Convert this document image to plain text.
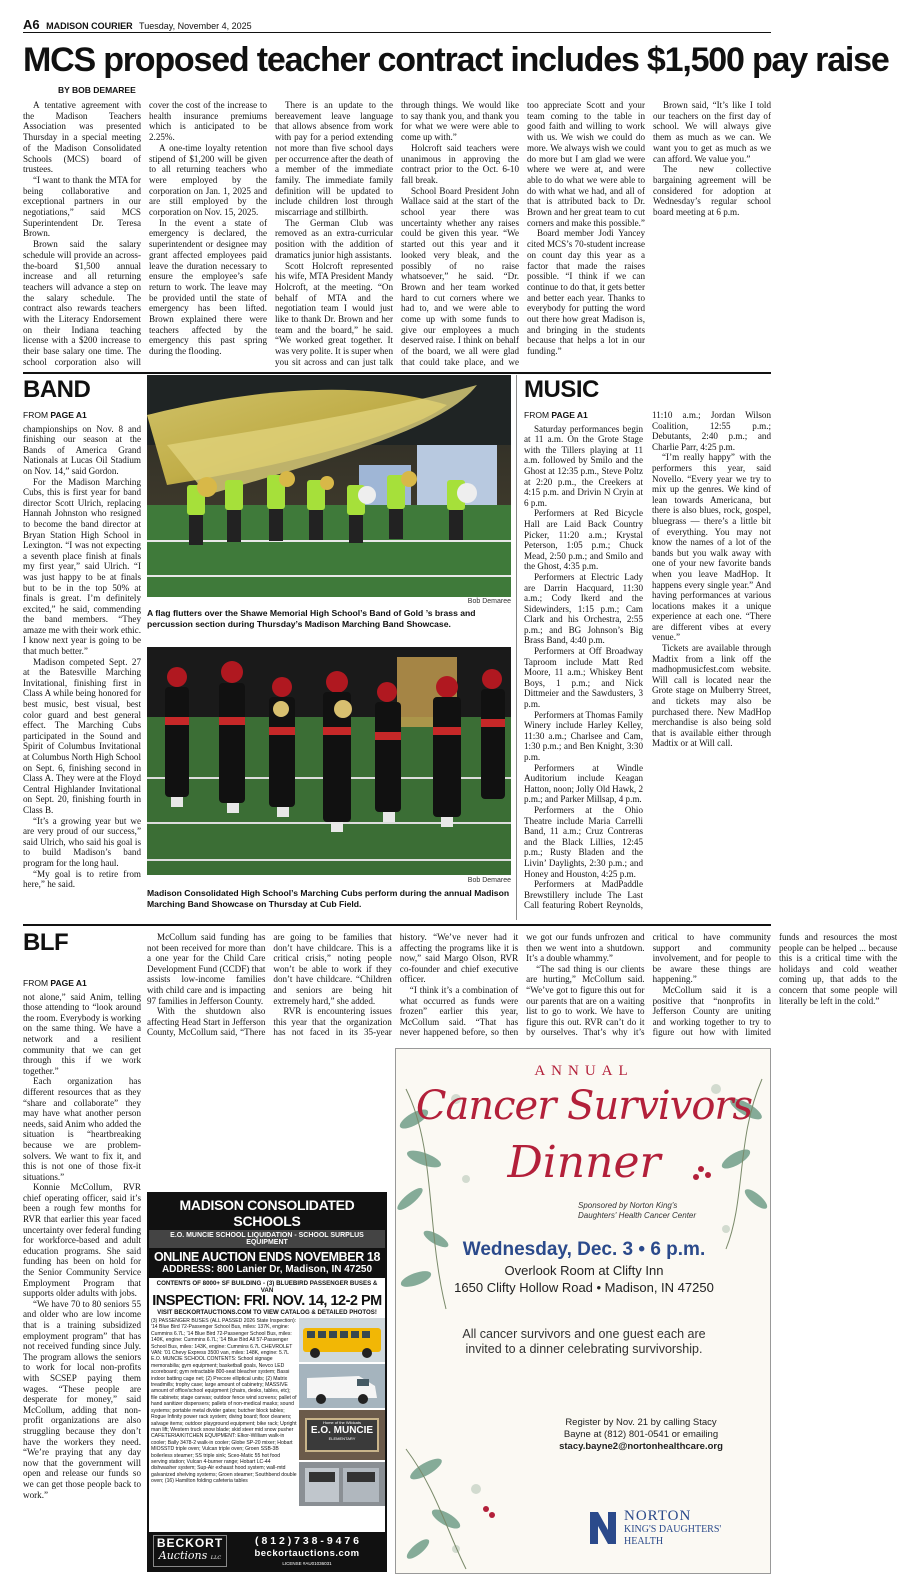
A6 MADISON COURIER Tuesday, November 4, 2025
MCS proposed teacher contract includes $1,500 pay raise
BY BOB DEMAREE

A tentative agreement with the Madison Teachers Association was presented Thursday in a special meeting of the Madison Consolidated Schools (MCS) board of trustees.

“I want to thank the MTA for being collaborative and exceptional partners in our negotiations,” said MCS Superintendent Dr. Teresa Brown.

Brown said the salary schedule will provide an across-the-board $1,500 annual increase and all returning teachers will advance a step on the salary schedule. The contract also rewards teachers with the Literacy Endorsement on their Indiana teaching license with a $200 increase to their base salary one time. The school corporation also will cover the cost of the increase to health insurance premiums which is anticipated to be 2.25%.

A one-time loyalty retention stipend of $1,200 will be given to all returning teachers who were employed by the corporation on Jan. 1, 2025 and are still employed by the corporation on Nov. 15, 2025.

In the event a state of emergency is declared, the superintendent or designee may grant affected employees paid leave the duration necessary to ensure the employee’s safe return to work. The leave may be provided until the state of emergency has been lifted. Brown explained there were teachers affected by the emergency this past spring during the flooding.

There is an update to the bereavement leave language that allows absence from work with pay for a period extending not more than five school days per occurrence after the death of a member of the immediate family. The immediate family definition will be updated to include children lost through miscarriage and stillbirth.

The German Club was removed as an extra-curricular position with the addition of dramatics junior high assistants.

Scott Holcroft represented his wife, MTA President Mandy Holcroft, at the meeting. “On behalf of MTA and the negotiation team I would just like to thank Dr. Brown and her team and the board,” he said. “We worked great together. It was very polite. It is super when you sit across and can just talk through things. We would like to say thank you, and thank you for what we were were able to come up with.”

Holcroft said teachers were unanimous in approving the contract prior to the Oct. 6-10 fall break.

School Board President John Wallace said at the start of the school year there was uncertainty whether any raises could be given this year. “We started out this year and it looked very bleak, and the possibly of no raise whatsoever,” he said. “Dr. Brown and her team worked hard to cut corners where we had to, and we were able to come up with some funds to give our employees a much deserved raise. I think on behalf of the board, we all were glad that could take place, and we too appreciate Scott and your team coming to the table in good faith and willing to work with us. We wish we could do more. We always wish we could do more but I am glad we were where we were at, and were able to do what we were able to do with what we had, and all of that is attributed back to Dr. Brown and her great team to cut corners and make this possible.”

Board member Jodi Yancey cited MCS’s 70-student increase on count day this year as a factor that made the raises possible. “I think if we can continue to do that, it gets better and better each year. Thanks to everybody for putting the word out there how great Madison is, and bringing in the students because that helps a lot in our funding.”

Brown said, “It’s like I told our teachers on the first day of school. We will always give them as much as we can. We want you to get as much as we can afford. We value you.”

The new collective bargaining agreement will be considered for adoption at Wednesday’s regular school board meeting at 6 p.m.

BAND
FROM PAGE A1

championships on Nov. 8 and finishing our season at the Bands of America Grand Nationals at Lucas Oil Stadium on Nov. 14,” said Gordon.

For the Madison Marching Cubs, this is first year for band director Scott Ulrich, replacing Hannah Johnston who resigned to become the band director at Bryan Station High School in Lexington. “I was not expecting a seventh place finish at finals my first year,” said Ulrich. “I was just happy to be at finals but to be in the top 50% at finals is great. I’m definitely excited,” he said, commending the band members. “They amaze me with their work ethic. I know next year is going to be that much better.”

Madison competed Sept. 27 at the Batesville Marching Invitational, finishing first in Class A while being honored for best music, best visual, best color guard and best general effect. The Marching Cubs participated in the Sound and Spirit of Columbus Invitational at Columbus North High School on Sept. 6, finishing second in Class A. They were at the Floyd Central Highlander Invitational on Sept. 20, finishing fourth in Class B.

“It’s a growing year but we are very proud of our success,” said Ulrich, who said his goal is to build Madison’s band program for the long haul.

“My goal is to retire from here,” he said.

Bob Demaree
A flag flutters over the Shawe Memorial High School’s Band of Gold ’s brass and percussion section during Thursday’s Madison Marching Band Showcase.
Bob Demaree
Madison Consolidated High School’s Marching Cubs perform during the annual Madison Marching Band Showcase on Thursday at Cub Field.
MUSIC
FROM PAGE A1

Saturday performances begin at 11 a.m. On the Grote Stage with the Tillers playing at 11 a.m. followed by Smilo and the Ghost at 12:35 p.m., Steve Poltz at 2:20 p.m., the Creekers at 4:15 p.m. and Drivin N Cryin at 6 p.m.

Performers at Red Bicycle Hall are Laid Back Country Picker, 11:20 a.m.; Krystal Peterson, 1:05 p.m.; Chuck Mead, 2:50 p.m.; and Smilo and the Ghost, 4:35 p.m.

Performers at Electric Lady are Darrin Hacquard, 11:30 a.m.; Cody Ikerd and the Sidewinders, 1:15 p.m.; Cam Clark and his Orchestra, 2:55 p.m.; and BG Johnson’s Big Brass Band, 4:40 p.m.

Performers at Off Broadway Taproom include Matt Red Moore, 11 a.m.; Whiskey Bent Boys, 1 p.m.; and Nick Dittmeier and the Sawdusters, 3 p.m.

Performers at Thomas Family Winery include Harley Kelley, 11:30 a.m.; Charlsee and Cam, 1:30 p.m.; and Ben Knight, 3:30 p.m.

Performers at Windle Auditorium include Keagan Hatton, noon; Jolly Old Hawk, 2 p.m.; and Parker Millsap, 4 p.m.

Performers at the Ohio Theatre include Maria Carrelli Band, 11 a.m.; Cruz Contreras and the Black Lillies, 12:45 p.m.; Rusty Bladen and the Livin’ Daylights, 2:30 p.m.; and Honey and Houston, 4:25 p.m.

Performers at MadPaddle Brewstillery include The Last Call featuring Robert Reynolds, 11:10 a.m.; Jordan Wilson Coalition, 12:55 p.m.; Debutants, 2:40 p.m.; and Charlie Parr, 4:25 p.m.

“I’m really happy” with the performers this year, said Novello. “Every year we try to mix up the genres. We kind of lean towards Americana, but there is also blues, rock, gospel, bluegrass — there’s a little bit of everything. You may not know the names of a lot of the bands but you walk away with one of your new favorite bands when you leave MadHop. It happens every single year.” And having performances at various locations makes it a unique experience at each one. “There are different vibes at every venue.”

Tickets are available through Madtix from a link off the madhopmusicfest.com website. Will call is located near the Grote stage on Mulberry Street, and tickets may also be purchased there. New MadHop merchandise is also being sold that is available either through Madtix or at Will call.

BLF
FROM PAGE A1

not alone,” said Anim, telling those attending to “look around the room. Everybody is working on the same thing. We have a network and a resilient community that we can get through this if we work together.”

Each organization has different resources that as they “share and collaborate” they may have what another person needs, said Anim who added the situation is “heartbreaking because we are problem-solvers. We want to fix it, and this is not one of those fix-it situations.”

Konnie McCollum, RVR chief operating officer, said it’s been a rough few months for RVR that earlier this year faced uncertainty over federal funding for workforce-based and adult education programs. She said funding has been on hold for the Senior Community Service Employment Program that supports older adults with jobs.

“We have 70 to 80 seniors 55 and older who are low income that is a training subsidized employment program” that has not received funding since July. The program allows the seniors to work for local non-profits with SCSEP paying them wages. “These people are desperate for money,” said McCollum, adding that non-profit organizations are also struggling because they don’t have the workers they need. “We’re praying that any day now that the government will open and release our funds so we can get those people back to work.”

McCollum said funding has not been received for more than a one year for the Child Care Development Fund (CCDF) that assists low-income families with child care and is impacting 97 families in Jefferson County.

With the shutdown also affecting Head Start in Jefferson County, McCollum said, “There are going to be families that don’t have childcare. This is a critical crisis,” noting people won’t be able to work if they don’t have childcare. “Children and seniors are being hit extremely hard,” she added.

RVR is encountering issues this year that the organization has not faced in its 35-year history. “We’ve never had it affecting the programs like it is now,” said Margo Olson, RVR co-founder and chief executive officer.

“I think it’s a combination of what occurred as funds were frozen” earlier this year, McCollum said. “That has never happened before, so then we got our funds unfrozen and then we went into a shutdown. It’s a double whammy.”

“The sad thing is our clients are hurting,” McCollum said. “We’ve got to figure this out for our parents that are on a waiting list to go to work. We have to figure this out. RVR can’t do it by ourselves. That’s why it’s critical to have community support and community involvement, and for people to be aware these things are happening.”

McCollum said it is a positive that “nonprofits in Jefferson County are uniting and working together to try to figure out how with limited funds and resources the most people can be helped ... because this is a critical time with the holidays and cold weather coming up, that adds to the concern that some people will literally be left in the cold.”

MADISON CONSOLIDATED SCHOOLS
E.O. MUNCIE SCHOOL LIQUIDATION - SCHOOL SURPLUS EQUIPMENT
ONLINE AUCTION ENDS NOVEMBER 18
ADDRESS: 800 Lanier Dr, Madison, IN 47250
CONTENTS OF 8000+ SF BUILDING - (3) BLUEBIRD PASSENGER BUSES & VAN
INSPECTION: FRI. NOV. 14, 12-2 PM
VISIT BECKORTAUCTIONS.COM TO VIEW CATALOG & DETAILED PHOTOS!
(3) PASSENGER BUSES (ALL PASSED 2026 State Inspection): '14 Blue Bird 72-Passenger School Bus, miles: 137K, engine: Cummins 6.7L; '14 Blue Bird 72-Passenger School Bus, miles: 140K, engine: Cummins 6.7L; '14 Blue Bird All 57-Passenger School Bus, miles: 143K, engine: Cummins 6.7L CHEVROLET VAN: '01 Chevy Express 3500 van, miles: 148K, engine: 5.7L E.O. MUNCIE SCHOOL CONTENTS: School signage memorabilia; gym equipment; basketball goals, Nevco LED scoreboard; gym retractable 800-seat bleacher system; Bassi indoor batting cage net; (2) Precore elliptical units; (2) Matrix treadmills; trophy case; large amount of cabinetry; MASSIVE amount of office/school equipment (chairs, desks, tables, etc); file cabinets; stage canvas; outdoor fence wind screens; pallet of hand sanitizer dispensers; pallets of non-medical masks; sound systems; portable metal divider gates; butcher block tables; Rogue Infinity power rack system; diving board; floor cleaners; salvage items; outdoor playground equipment; bike rack; Upright man lift; Western truck snow blade; skid steer mid snow pusher CAFETERIA/KITCHEN EQUIPMENT: Elkor-William walk-in cooler; Bally 3478-2 walk-in cooler; Globe SP-20 mixer; Hobart MIOSSTD triple oven; Vulcan triple oven; Groen SSB-3B boilerless steamer; SS triple sink; Sceo-Matic 55 hot food serving station; Vulcan 4-burner range; Hobart LC-44 dishwasher system; Sup-Air exhaust hood system; wall-mtd galvanized shelving systems; Groen steamer; Southbend double oven; (16) Hamilton folding cafeteria tables
Home of the Wildcats
E.O. MUNCIE
ELEMENTARY
BECKORT
Auctions LLC
( 8 1 2 ) 7 3 8 - 9 4 7 6
beckortauctions.com
LICENSE #AU01036031
ANNUAL
Cancer Survivors
Dinner
Sponsored by Norton King's
Daughters' Health Cancer Center
Wednesday, Dec. 3 • 6 p.m.
Overlook Room at Clifty Inn
1650 Clifty Hollow Road • Madison, IN 47250
All cancer survivors and one guest each are
invited to a dinner celebrating survivorship.
Register by Nov. 21 by calling Stacy
Bayne at (812) 801-0541 or emailing
stacy.bayne2@nortonhealthcare.org
NORTON
KING'S DAUGHTERS'
HEALTH
